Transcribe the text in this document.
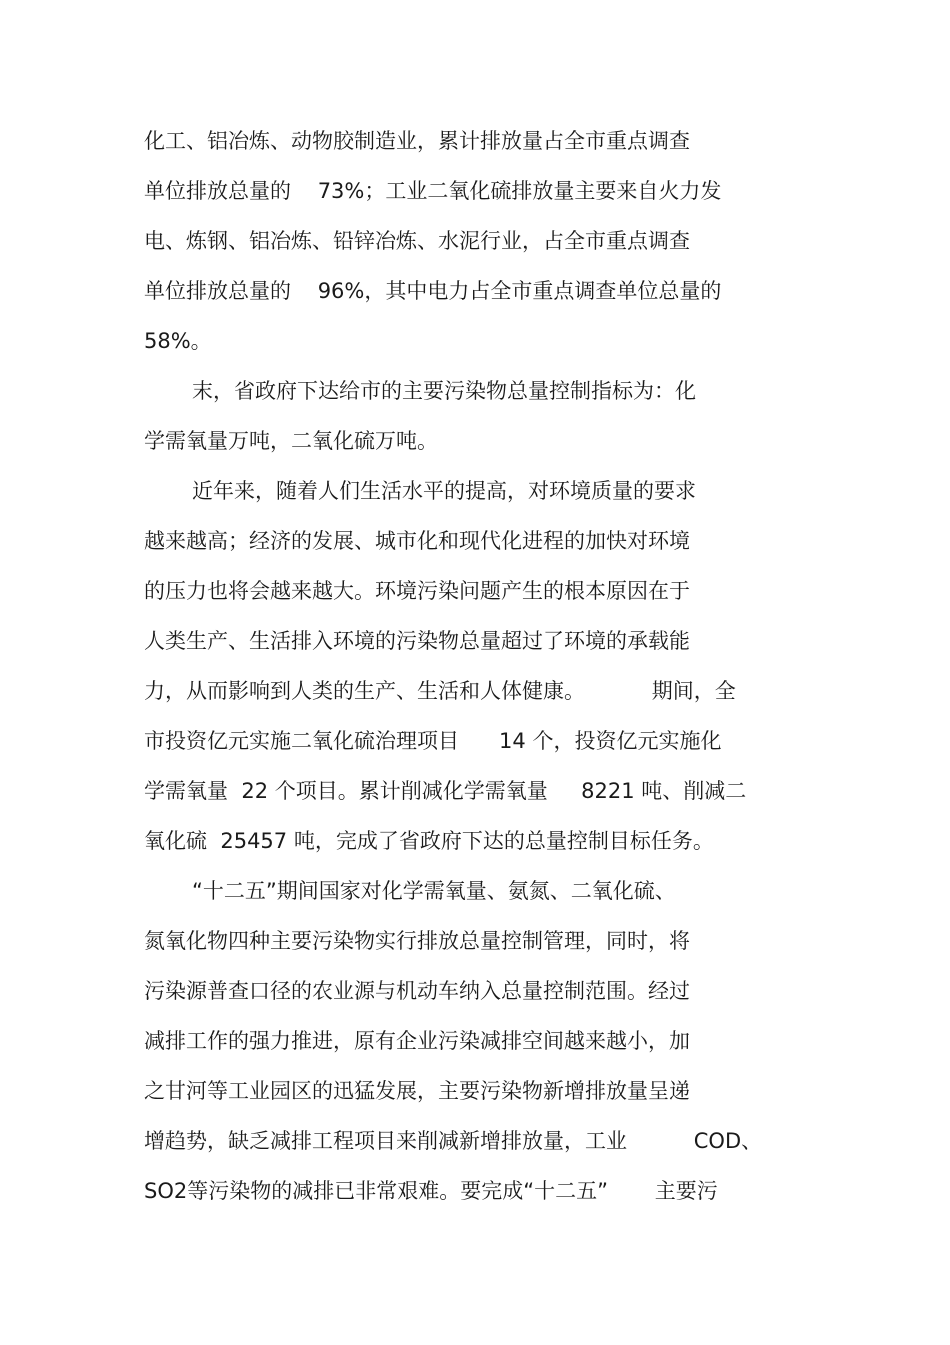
化工、铝冶炼、动物胶制造业，累计排放量占全市重点调查
单位排放总量的    73%；工业二氧化硫排放量主要来自火力发
电、炼钢、铝冶炼、铅锌冶炼、水泥行业，占全市重点调查
单位排放总量的    96%，其中电力占全市重点调查单位总量的
58%。
末，省政府下达给市的主要污染物总量控制指标为：化
学需氧量万吨，二氧化硫万吨。
近年来，随着人们生活水平的提高，对环境质量的要求
越来越高；经济的发展、城市化和现代化进程的加快对环境
的压力也将会越来越大。环境污染问题产生的根本原因在于
人类生产、生活排入环境的污染物总量超过了环境的承载能
力，从而影响到人类的生产、生活和人体健康。          期间，全
市投资亿元实施二氧化硫治理项目      14 个，投资亿元实施化
学需氧量  22 个项目。累计削减化学需氧量     8221 吨、削减二
氧化硫  25457 吨，完成了省政府下达的总量控制目标任务。
“十二五”期间国家对化学需氧量、氨氮、二氧化硫、
氮氧化物四种主要污染物实行排放总量控制管理，同时，将
污染源普查口径的农业源与机动车纳入总量控制范围。经过
减排工作的强力推进，原有企业污染减排空间越来越小，加
之甘河等工业园区的迅猛发展，主要污染物新增排放量呈递
增趋势，缺乏减排工程项目来削减新增排放量，工业          COD、
SO2等污染物的减排已非常艰难。要完成“十二五”       主要污
